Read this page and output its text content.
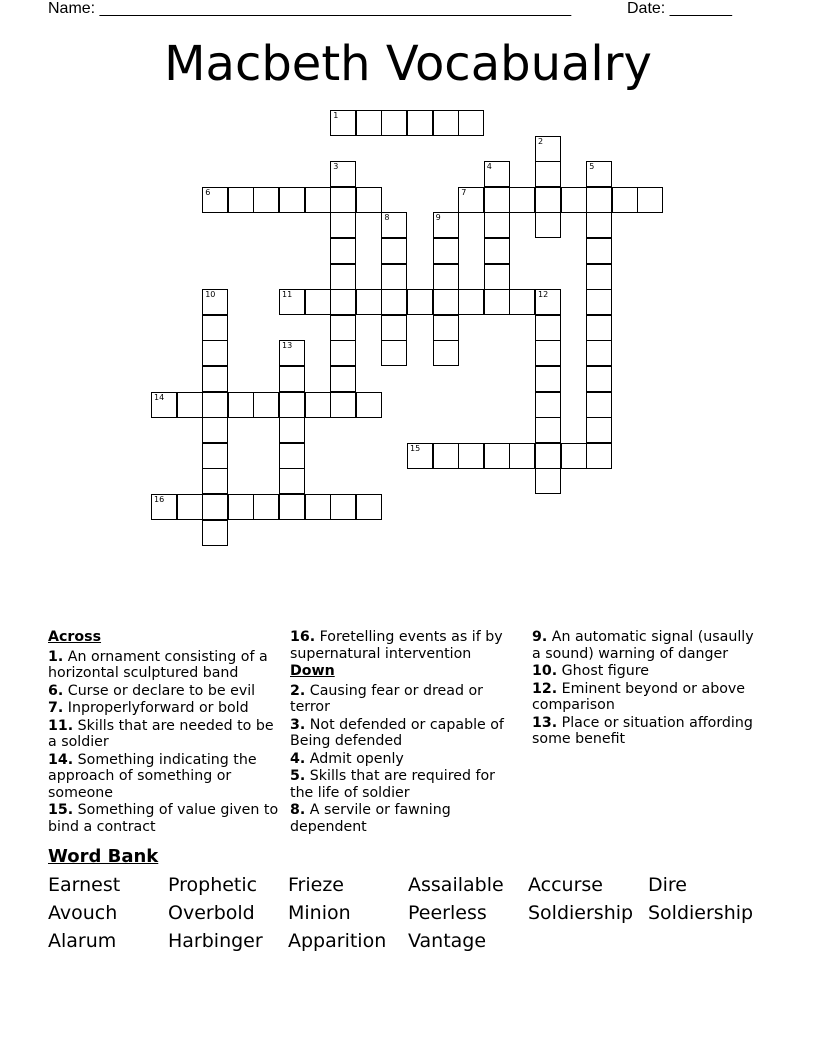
Name: _____________________________________________________	Date: _______
Macbeth Vocabualry
1
2
3	4	5
6	7
8	9
10	11	12
13
14
15
16
Across
1. An ornament consisting of a horizontal sculptured band
6. Curse or declare to be evil
7. Inproperlyforward or bold
11. Skills that are needed to be a soldier
14. Something indicating the approach of something or someone
15. Something of value given to bind a contract
16. Foretelling events as if by supernatural intervention
Down
2. Causing fear or dread or terror
3. Not defended or capable of Being defended
4. Admit openly
5. Skills that are required for the life of soldier
8. A servile or fawning dependent
9. An automatic signal (usaully a sound) warning of danger
10. Ghost figure
12. Eminent beyond or above comparison
13. Place or situation affording some benefit
Word Bank
Earnest	Prophetic Frieze	Assailable Accurse Dire
Avouch	Overbold Minion	Peerless Soldiership Soldiership
Alarum	Harbinger Apparition Vantage
